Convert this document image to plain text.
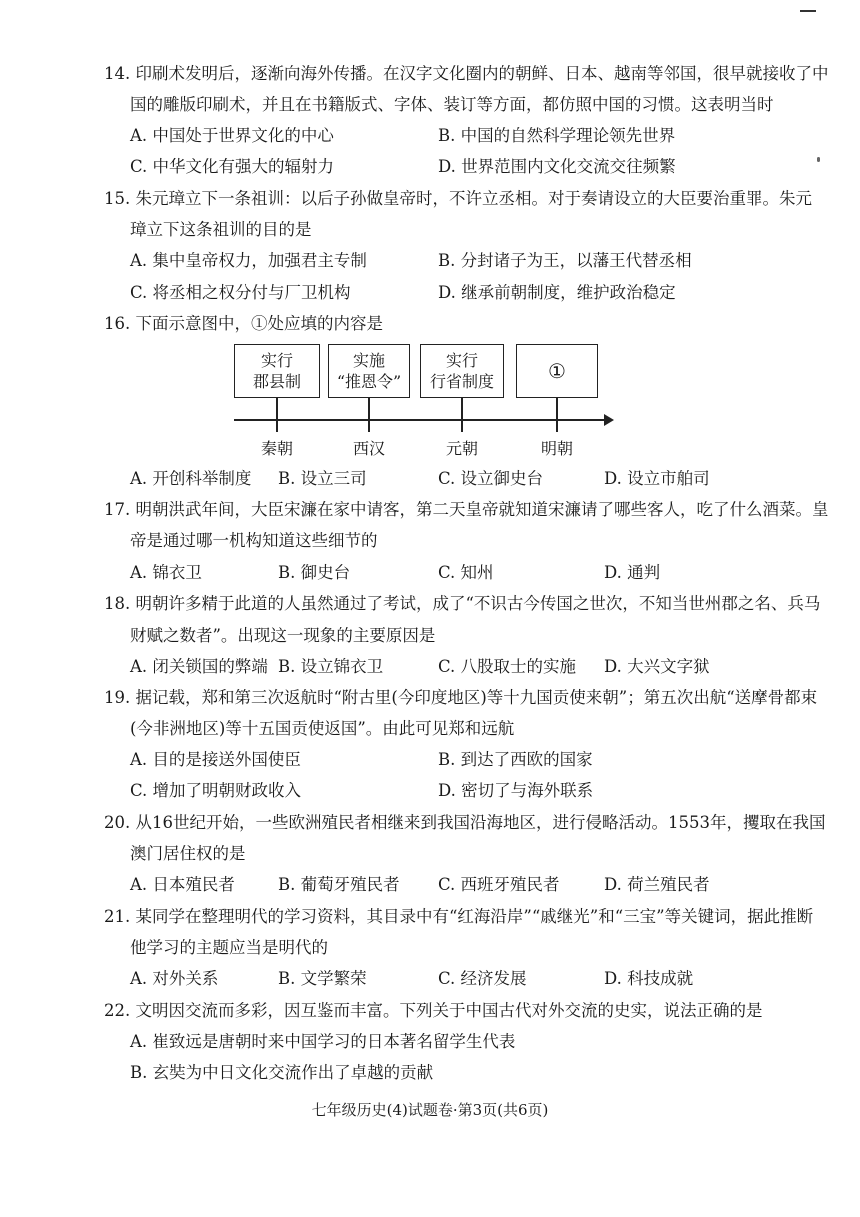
14. 印刷术发明后，逐渐向海外传播。在汉字文化圈内的朝鲜、日本、越南等邻国，很早就接收了中
国的雕版印刷术，并且在书籍版式、字体、装订等方面，都仿照中国的习惯。这表明当时
A. 中国处于世界文化的中心	B. 中国的自然科学理论领先世界
C. 中华文化有强大的辐射力	D. 世界范围内文化交流交往频繁
15. 朱元璋立下一条祖训：以后子孙做皇帝时，不许立丞相。对于奏请设立的大臣要治重罪。朱元
璋立下这条祖训的目的是
A. 集中皇帝权力，加强君主专制	B. 分封诸子为王，以藩王代替丞相
C. 将丞相之权分付与厂卫机构	D. 继承前朝制度，维护政治稳定
16. 下面示意图中，①处应填的内容是
实行
郡县制
实施
“推恩令”
实行
行省制度	①
秦朝	西汉	元朝	明朝
A. 开创科举制度 B. 设立三司	C. 设立御史台	D. 设立市舶司
17. 明朝洪武年间，大臣宋濂在家中请客，第二天皇帝就知道宋濂请了哪些客人，吃了什么酒菜。皇
帝是通过哪一机构知道这些细节的
A. 锦衣卫	B. 御史台	C. 知州	D. 通判
18. 明朝许多精于此道的人虽然通过了考试，成了“不识古今传国之世次，不知当世州郡之名、兵马
财赋之数者”。出现这一现象的主要原因是
A. 闭关锁国的弊端 B. 设立锦衣卫	C. 八股取士的实施 D. 大兴文字狱
19. 据记载，郑和第三次返航时“附古里(今印度地区)等十九国贡使来朝”；第五次出航“送摩骨都束
(今非洲地区)等十五国贡使返国”。由此可见郑和远航
A. 目的是接送外国使臣	B. 到达了西欧的国家
C. 增加了明朝财政收入	D. 密切了与海外联系
20. 从16世纪开始，一些欧洲殖民者相继来到我国沿海地区，进行侵略活动。1553年，攫取在我国
澳门居住权的是
A. 日本殖民者	B. 葡萄牙殖民者 C. 西班牙殖民者	D. 荷兰殖民者
21. 某同学在整理明代的学习资料，其目录中有“红海沿岸”“戚继光”和“三宝”等关键词，据此推断
他学习的主题应当是明代的
A. 对外关系	B. 文学繁荣	C. 经济发展	D. 科技成就
22. 文明因交流而多彩，因互鉴而丰富。下列关于中国古代对外交流的史实，说法正确的是
A. 崔致远是唐朝时来中国学习的日本著名留学生代表
B. 玄奘为中日文化交流作出了卓越的贡献
七年级历史(4)试题卷·第3页(共6页)
